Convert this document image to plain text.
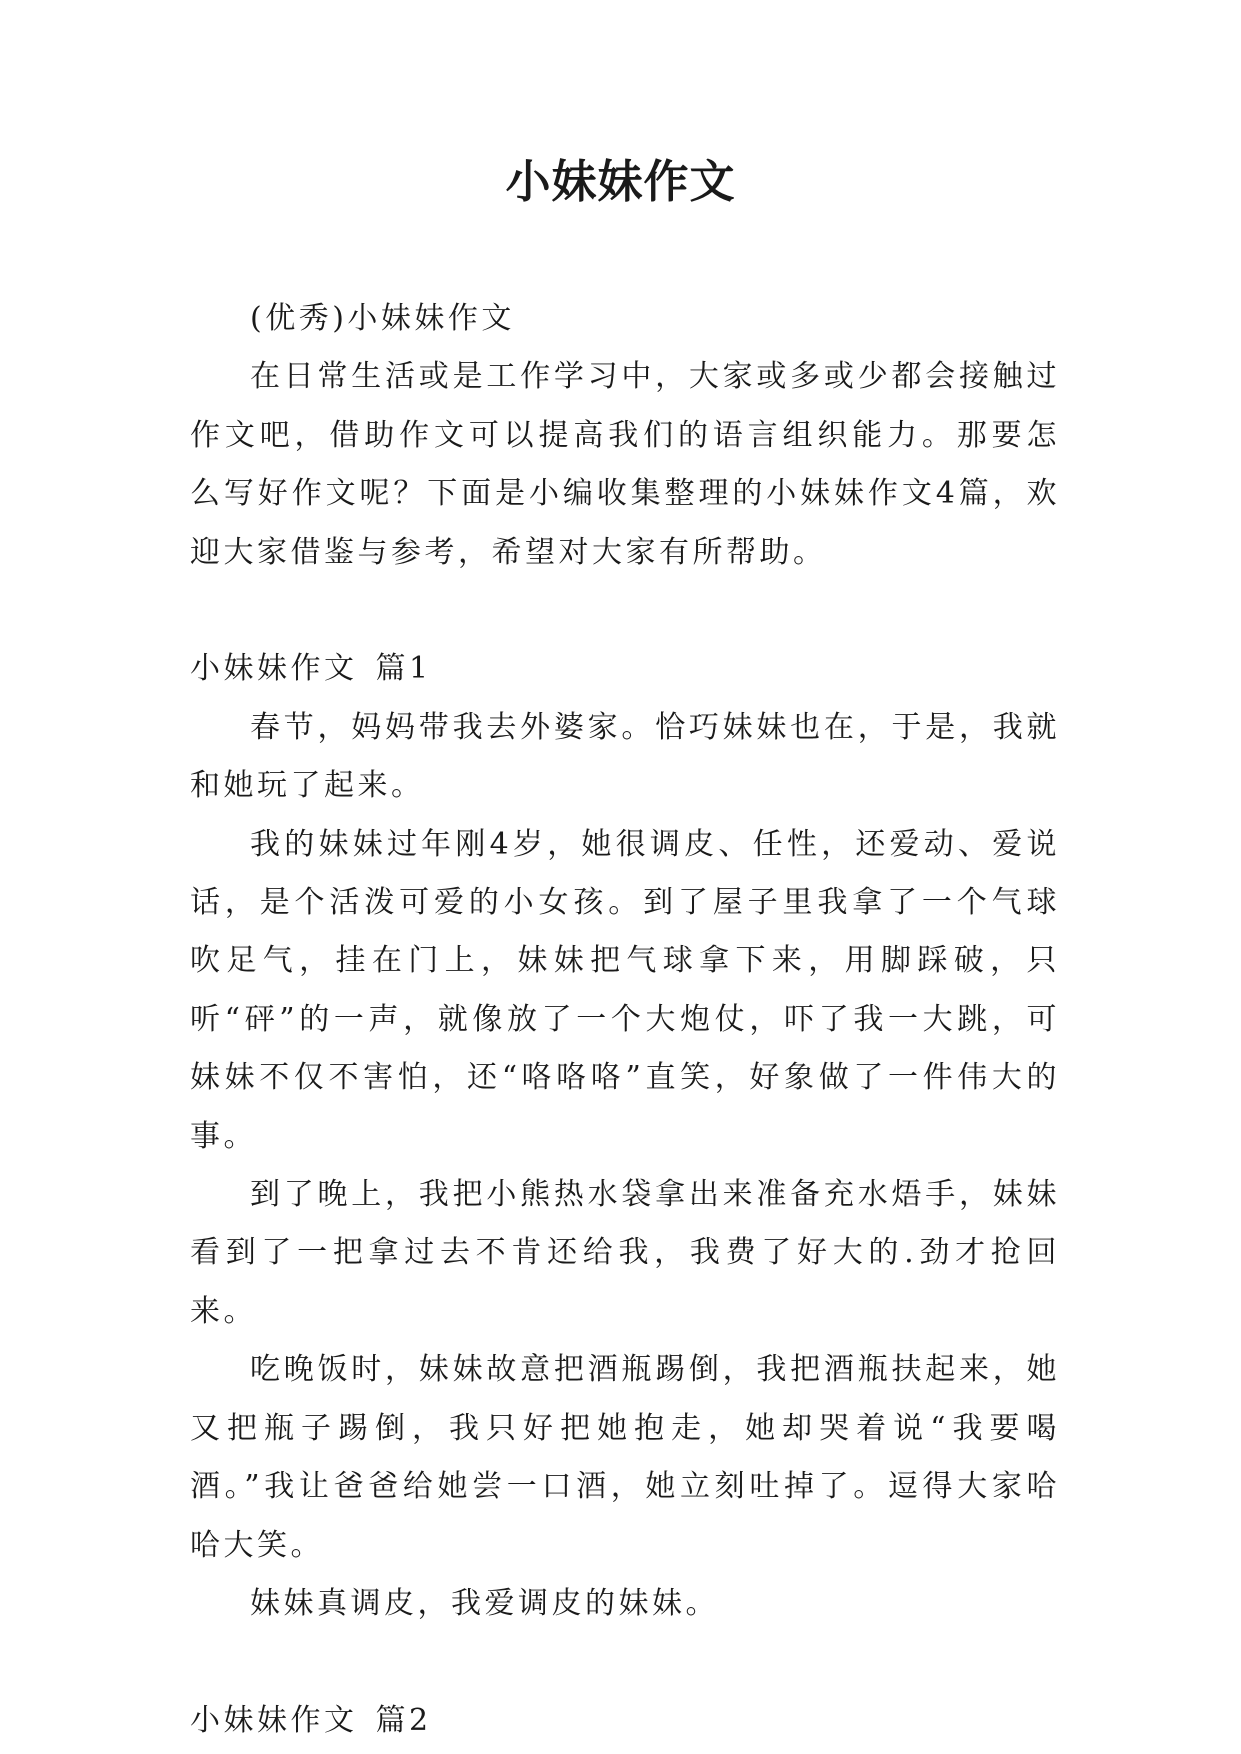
小妹妹作文

(优秀)小妹妹作文

在日常生活或是工作学习中，大家或多或少都会接触过作文吧，借助作文可以提高我们的语言组织能力。那要怎么写好作文呢？下面是小编收集整理的小妹妹作文4篇，欢迎大家借鉴与参考，希望对大家有所帮助。

小妹妹作文 篇1

春节，妈妈带我去外婆家。恰巧妹妹也在，于是，我就和她玩了起来。

我的妹妹过年刚4岁，她很调皮、任性，还爱动、爱说话，是个活泼可爱的小女孩。到了屋子里我拿了一个气球吹足气，挂在门上，妹妹把气球拿下来，用脚踩破，只听“砰”的一声，就像放了一个大炮仗，吓了我一大跳，可妹妹不仅不害怕，还“咯咯咯”直笑，好象做了一件伟大的事。

到了晚上，我把小熊热水袋拿出来准备充水焐手，妹妹看到了一把拿过去不肯还给我，我费了好大的.劲才抢回来。

吃晚饭时，妹妹故意把酒瓶踢倒，我把酒瓶扶起来，她又把瓶子踢倒，我只好把她抱走，她却哭着说“我要喝酒。”我让爸爸给她尝一口酒，她立刻吐掉了。逗得大家哈哈大笑。

妹妹真调皮，我爱调皮的妹妹。

小妹妹作文 篇2
